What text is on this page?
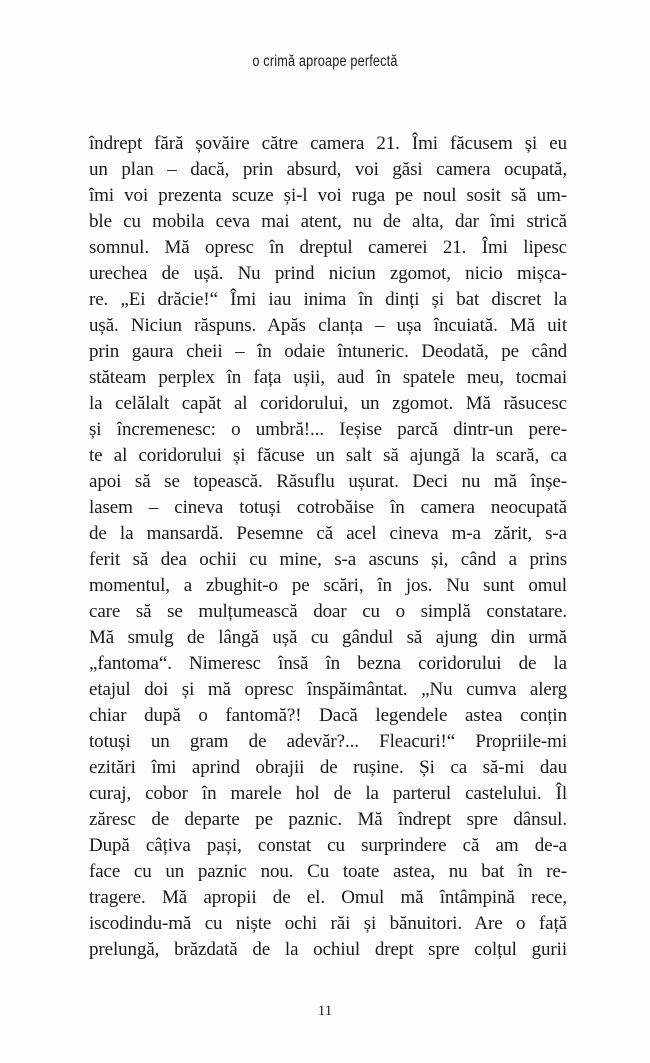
o crimă aproape perfectă
îndrept fără șovăire către camera 21. Îmi făcusem și eu
un plan – dacă, prin absurd, voi găsi camera ocupată,
îmi voi prezenta scuze și-l voi ruga pe noul sosit să um-
ble cu mobila ceva mai atent, nu de alta, dar îmi strică
somnul. Mă opresc în dreptul camerei 21. Îmi lipesc
urechea de ușă. Nu prind niciun zgomot, nicio mișca-
re. „Ei drăcie!“ Îmi iau inima în dinți și bat discret la
ușă. Niciun răspuns. Apăs clanța – ușa încuiată. Mă uit
prin gaura cheii – în odaie întuneric. Deodată, pe când
stăteam perplex în fața ușii, aud în spatele meu, tocmai
la celălalt capăt al coridorului, un zgomot. Mă răsucesc
și încremenesc: o umbră!... Ieșise parcă dintr-un pere-
te al coridorului și făcuse un salt să ajungă la scară, ca
apoi să se topească. Răsuflu ușurat. Deci nu mă înșe-
lasem – cineva totuși cotrobăise în camera neocupată
de la mansardă. Pesemne că acel cineva m-a zărit, s-a
ferit să dea ochii cu mine, s-a ascuns și, când a prins
momentul, a zbughit-o pe scări, în jos. Nu sunt omul
care să se mulțumească doar cu o simplă constatare.
Mă smulg de lângă ușă cu gândul să ajung din urmă
„fantoma“. Nimeresc însă în bezna coridorului de la
etajul doi și mă opresc înspăimântat. „Nu cumva alerg
chiar după o fantomă?! Dacă legendele astea conțin
totuși un gram de adevăr?... Fleacuri!“ Propriile-mi
ezitări îmi aprind obrajii de rușine. Și ca să-mi dau
curaj, cobor în marele hol de la parterul castelului. Îl
zăresc de departe pe paznic. Mă îndrept spre dânsul.
După câțiva pași, constat cu surprindere că am de-a
face cu un paznic nou. Cu toate astea, nu bat în re-
tragere. Mă apropii de el. Omul mă întâmpină rece,
iscodindu-mă cu niște ochi răi și bănuitori. Are o față
prelungă, brăzdată de la ochiul drept spre colțul gurii
11
